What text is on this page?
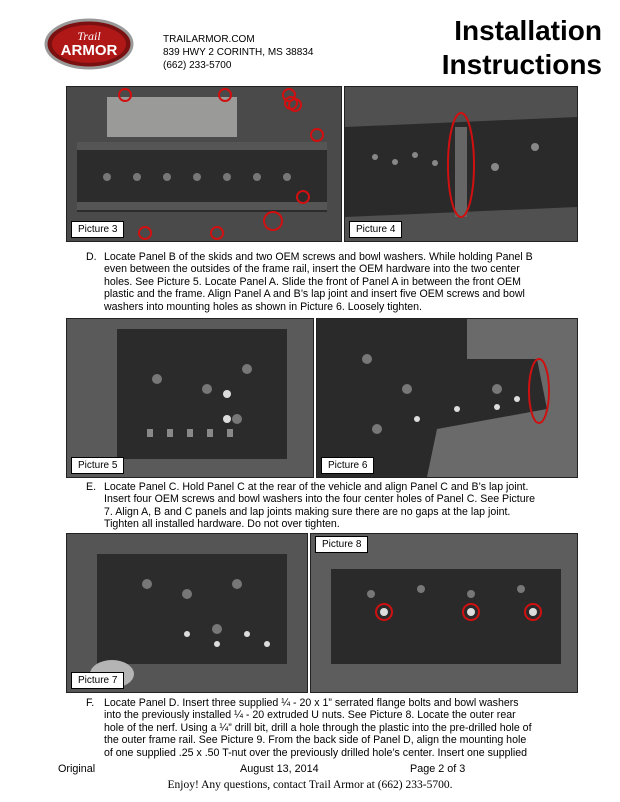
Trail
ARMOR
TRAILARMOR.COM
839 HWY 2 CORINTH, MS 38834
(662) 233-5700
Installation
Instructions
Picture 3	Picture 4
D. Locate Panel B of the skids and two OEM screws and bowl washers. While holding Panel B
even between the outsides of the frame rail, insert the OEM hardware into the two center
holes. See Picture 5. Locate Panel A. Slide the front of Panel A in between the front OEM
plastic and the frame. Align Panel A and B’s lap joint and insert five OEM screws and bowl
washers into mounting holes as shown in Picture 6. Loosely tighten.
Picture 5	Picture 6
E. Locate Panel C. Hold Panel C at the rear of the vehicle and align Panel C and B’s lap joint.
Insert four OEM screws and bowl washers into the four center holes of Panel C. See Picture
7. Align A, B and C panels and lap joints making sure there are no gaps at the lap joint.
Tighten all installed hardware. Do not over tighten.
Picture 7
Picture 8
F. Locate Panel D. Insert three supplied ¼ - 20 x 1” serrated flange bolts and bowl washers
into the previously installed ¼ - 20 extruded U nuts. See Picture 8. Locate the outer rear
hole of the nerf. Using a ¼” drill bit, drill a hole through the plastic into the pre-drilled hole of
the outer frame rail. See Picture 9. From the back side of Panel D, align the mounting hole
of one supplied .25 x .50 T-nut over the previously drilled hole’s center. Insert one supplied
Original	August 13, 2014	Page 2 of 3
Enjoy! Any questions, contact Trail Armor at (662) 233-5700.
